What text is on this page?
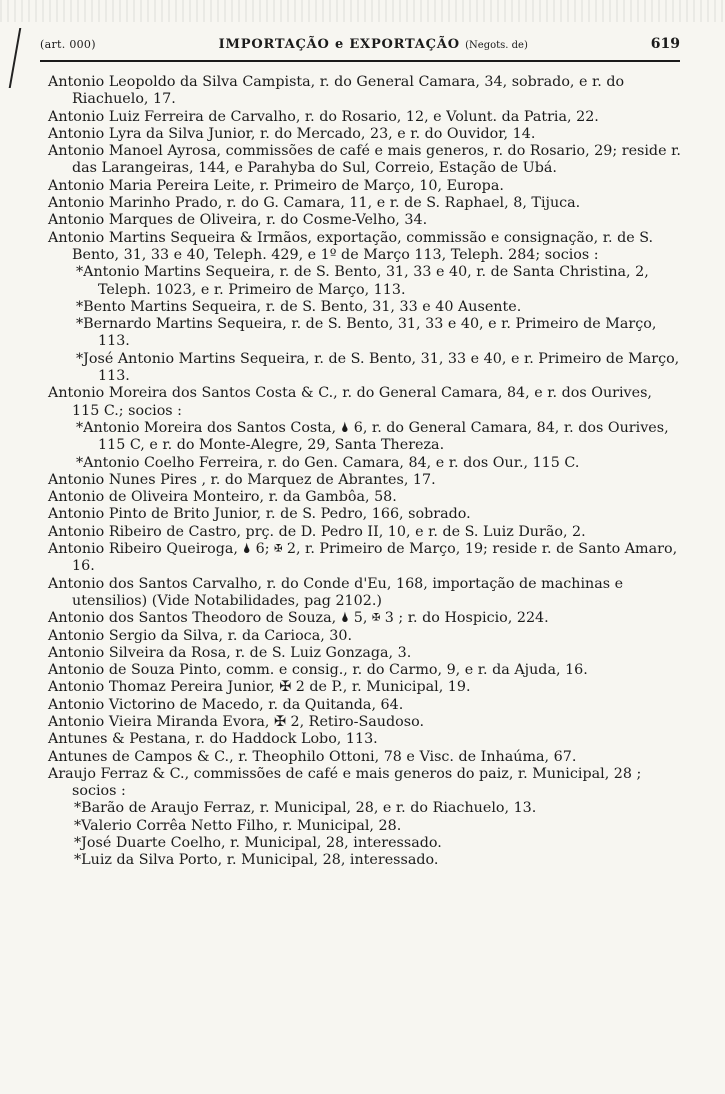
(art. 000)	IMPORTAÇÃO e EXPORTAÇÃO (Negots. de)	619
Antonio Leopoldo da Silva Campista, r. do General Camara, 34, sobrado, e r. do Riachuelo, 17.
Antonio Luiz Ferreira de Carvalho, r. do Rosario, 12, e Volunt. da Patria, 22.
Antonio Lyra da Silva Junior, r. do Mercado, 23, e r. do Ouvidor, 14.
Antonio Manoel Ayrosa, commissões de café e mais generos, r. do Rosario, 29; reside r. das Larangeiras, 144, e Parahyba do Sul, Correio, Estação de Ubá.
Antonio Maria Pereira Leite, r. Primeiro de Março, 10, Europa.
Antonio Marinho Prado, r. do G. Camara, 11, e r. de S. Raphael, 8, Tijuca.
Antonio Marques de Oliveira, r. do Cosme-Velho, 34.
Antonio Martins Sequeira & Irmãos, exportação, commissão e consignação, r. de S. Bento, 31, 33 e 40, Teleph. 429, e 1º de Março 113, Teleph. 284; socios :
*Antonio Martins Sequeira, r. de S. Bento, 31, 33 e 40, r. de Santa Christina, 2, Teleph. 1023, e r. Primeiro de Março, 113.
*Bento Martins Sequeira, r. de S. Bento, 31, 33 e 40 Ausente.
*Bernardo Martins Sequeira, r. de S. Bento, 31, 33 e 40, e r. Primeiro de Março, 113.
*José Antonio Martins Sequeira, r. de S. Bento, 31, 33 e 40, e r. Primeiro de Março, 113.
Antonio Moreira dos Santos Costa & C., r. do General Camara, 84, e r. dos Ourives, 115 C.; socios :
*Antonio Moreira dos Santos Costa, 🌢 6, r. do General Camara, 84, r. dos Ourives, 115 C, e r. do Monte-Alegre, 29, Santa Thereza.
*Antonio Coelho Ferreira, r. do Gen. Camara, 84, e r. dos Our., 115 C.
Antonio Nunes Pires , r. do Marquez de Abrantes, 17.
Antonio de Oliveira Monteiro, r. da Gambôa, 58.
Antonio Pinto de Brito Junior, r. de S. Pedro, 166, sobrado.
Antonio Ribeiro de Castro, prç. de D. Pedro II, 10, e r. de S. Luiz Durão, 2.
Antonio Ribeiro Queiroga, 🌢 6; ✠ 2, r. Primeiro de Março, 19; reside r. de Santo Amaro, 16.
Antonio dos Santos Carvalho, r. do Conde d'Eu, 168, importação de machinas e utensilios) (Vide Notabilidades, pag 2102.)
Antonio dos Santos Theodoro de Souza, 🌢 5, ✠ 3 ; r. do Hospicio, 224.
Antonio Sergio da Silva, r. da Carioca, 30.
Antonio Silveira da Rosa, r. de S. Luiz Gonzaga, 3.
Antonio de Souza Pinto, comm. e consig., r. do Carmo, 9, e r. da Ajuda, 16.
Antonio Thomaz Pereira Junior, ✠ 2 de P., r. Municipal, 19.
Antonio Victorino de Macedo, r. da Quitanda, 64.
Antonio Vieira Miranda Evora, ✠ 2, Retiro-Saudoso.
Antunes & Pestana, r. do Haddock Lobo, 113.
Antunes de Campos & C., r. Theophilo Ottoni, 78 e Visc. de Inhaúma, 67.
Araujo Ferraz & C., commissões de café e mais generos do paiz, r. Municipal, 28 ; socios :
*Barão de Araujo Ferraz, r. Municipal, 28, e r. do Riachuelo, 13.
*Valerio Corrêa Netto Filho, r. Municipal, 28.
*José Duarte Coelho, r. Municipal, 28, interessado.
*Luiz da Silva Porto, r. Municipal, 28, interessado.
